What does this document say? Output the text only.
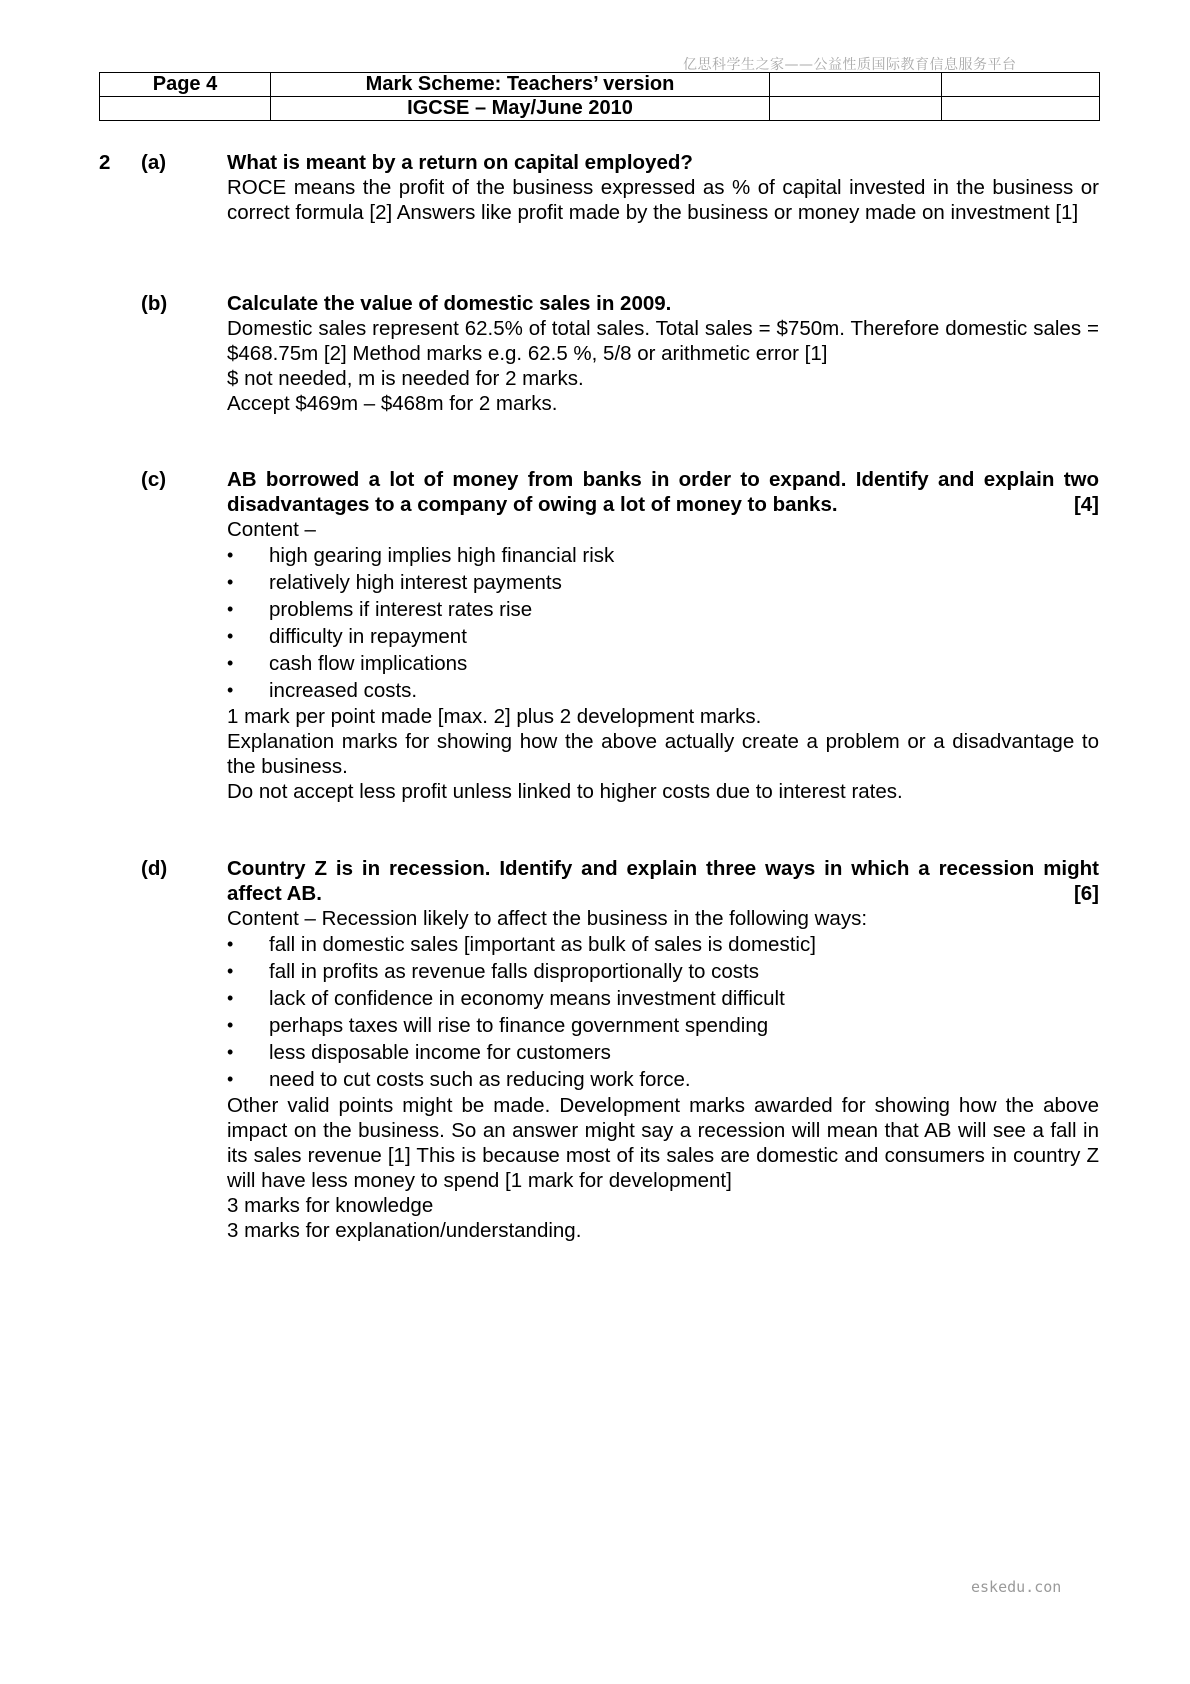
亿思科学生之家——公益性质国际教育信息服务平台
Page 4	Mark Scheme: Teachers’ version		
	IGCSE – May/June 2010		
2 (a)	What is meant by a return on capital employed?
ROCE means the profit of the business expressed as % of capital invested in the business or correct formula [2] Answers like profit made by the business or money made on investment [1]
(b)	Calculate the value of domestic sales in 2009.
Domestic sales represent 62.5% of total sales. Total sales = $750m. Therefore domestic sales = $468.75m [2] Method marks e.g. 62.5 %, 5/8 or arithmetic error [1]
$ not needed, m is needed for 2 marks.
Accept $469m – $468m for 2 marks.
(c)	AB borrowed a lot of money from banks in order to expand. Identify and explain two disadvantages to a company of owing a lot of money to banks.	[4]
Content –
• high gearing implies high financial risk
• relatively high interest payments
• problems if interest rates rise
• difficulty in repayment
• cash flow implications
• increased costs.
1 mark per point made [max. 2] plus 2 development marks.
Explanation marks for showing how the above actually create a problem or a disadvantage to the business.
Do not accept less profit unless linked to higher costs due to interest rates.
(d)	Country Z is in recession. Identify and explain three ways in which a recession might affect AB.	[6]
Content – Recession likely to affect the business in the following ways:
• fall in domestic sales [important as bulk of sales is domestic]
• fall in profits as revenue falls disproportionally to costs
• lack of confidence in economy means investment difficult
• perhaps taxes will rise to finance government spending
• less disposable income for customers
• need to cut costs such as reducing work force.
Other valid points might be made. Development marks awarded for showing how the above impact on the business. So an answer might say a recession will mean that AB will see a fall in its sales revenue [1] This is because most of its sales are domestic and consumers in country Z will have less money to spend [1 mark for development]
3 marks for knowledge
3 marks for explanation/understanding.
eskedu.con
